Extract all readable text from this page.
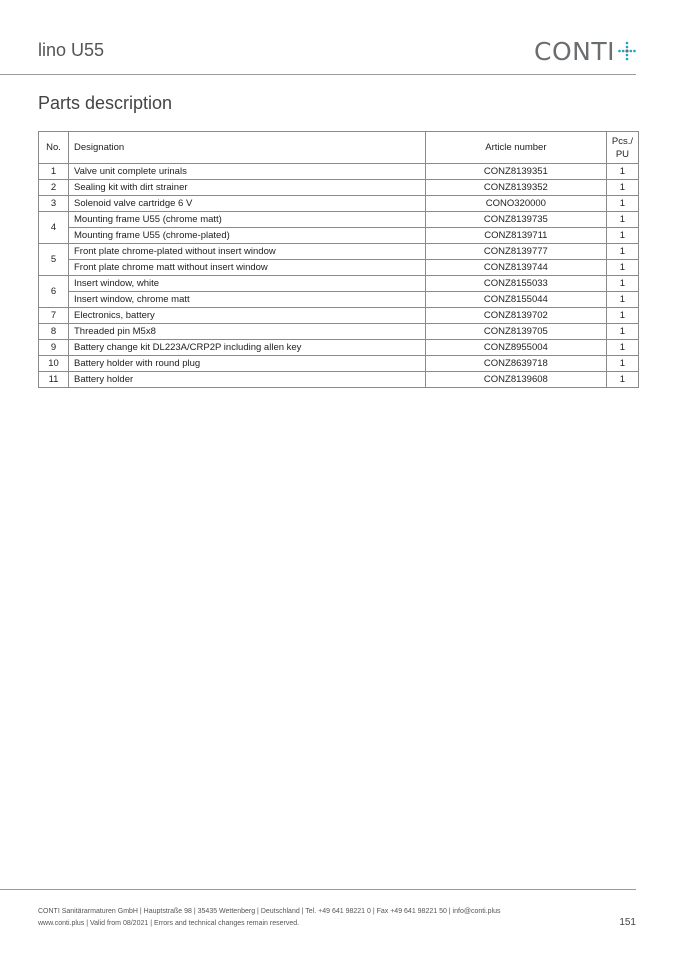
lino U55	CONTI
Parts description
No.	Designation	Article number	Pcs./
PU
1	Valve unit complete urinals	CONZ8139351	1
2	Sealing kit with dirt strainer	CONZ8139352	1
3	Solenoid valve cartridge 6 V	CONO320000	1
4	Mounting frame U55 (chrome matt)	CONZ8139735	1
	Mounting frame U55 (chrome-plated)	CONZ8139711	1
5	Front plate chrome-plated without insert window	CONZ8139777	1
	Front plate chrome matt without insert window	CONZ8139744	1
6	Insert window, white	CONZ8155033	1
	Insert window, chrome matt	CONZ8155044	1
7	Electronics, battery	CONZ8139702	1
8	Threaded pin M5x8	CONZ8139705	1
9	Battery change kit DL223A/CRP2P including allen key	CONZ8955004	1
10	Battery holder with round plug	CONZ8639718	1
11	Battery holder	CONZ8139608	1
CONTI Sanitärarmaturen GmbH | Hauptstraße 98 | 35435 Wettenberg | Deutschland | Tel. +49 641 98221 0 | Fax +49 641 98221 50 | info@conti.plus
www.conti.plus | Valid from 08/2021 | Errors and technical changes remain reserved.	151
